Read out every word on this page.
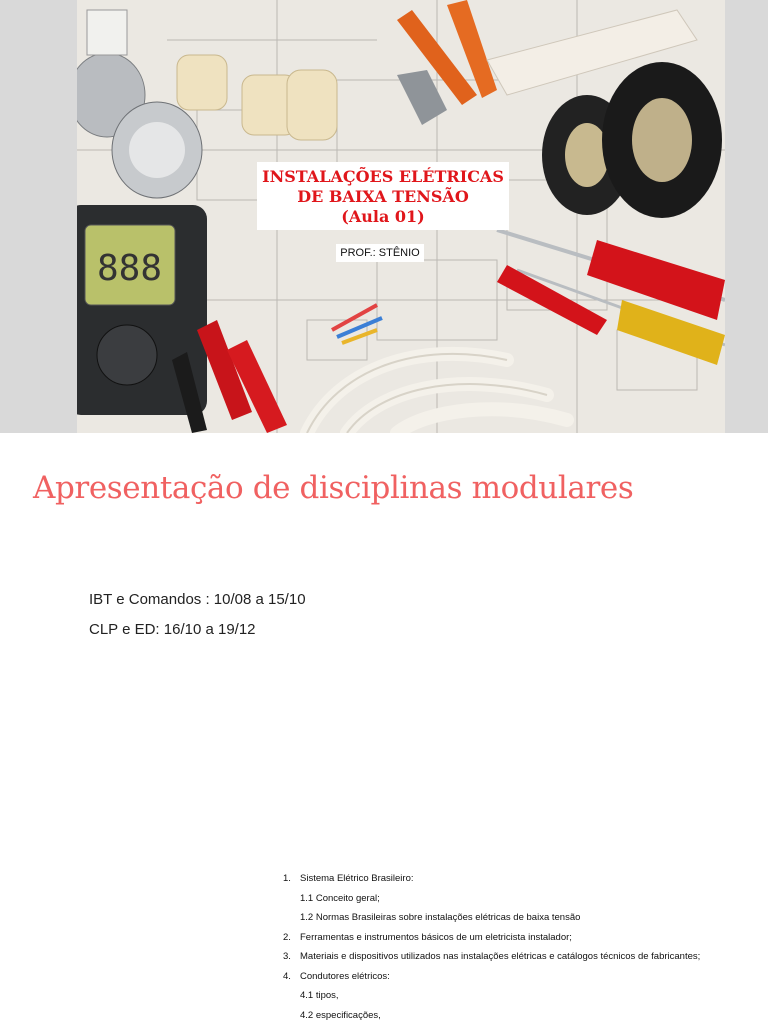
888
INSTALAÇÕES ELÉTRICAS
DE BAIXA TENSÃO
(Aula 01)
PROF.: STÊNIO
Apresentação de disciplinas modulares
IBT e Comandos : 10/08 a 15/10
CLP e ED: 16/10 a 19/12
1. Sistema Elétrico Brasileiro:
1.1 Conceito geral;
1.2 Normas Brasileiras sobre instalações elétricas de baixa tensão
2. Ferramentas e instrumentos básicos de um eletricista instalador;
3. Materiais e dispositivos utilizados nas instalações elétricas e catálogos técnicos de fabricantes;
4. Condutores elétricos:
4.1 tipos,
4.2 especificações,
